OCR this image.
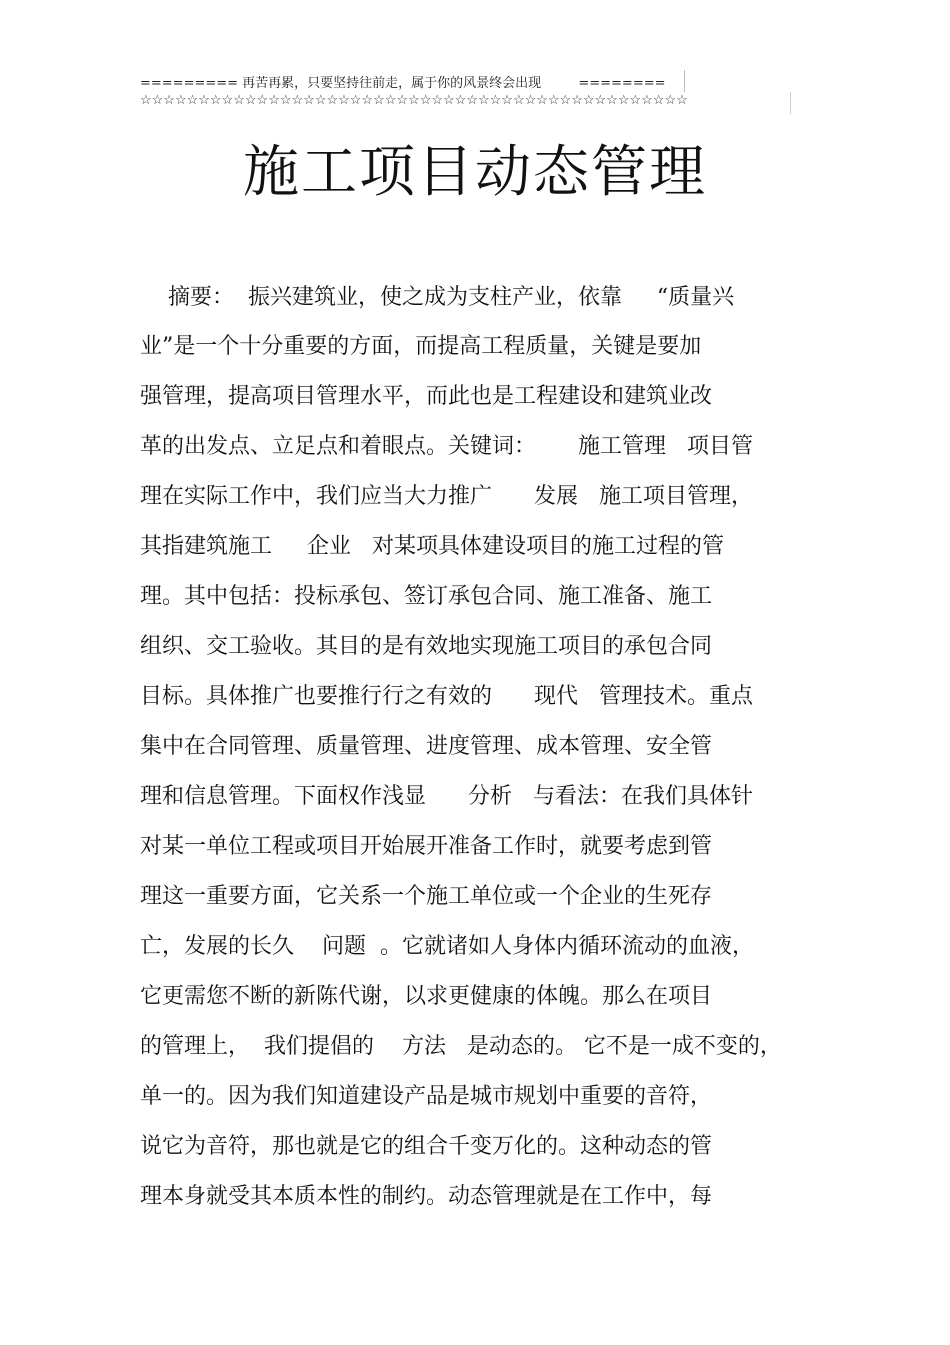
========= 再苦再累，只要坚持往前走，属于你的风景终会出现         ========
☆☆☆☆☆☆☆☆☆☆☆☆☆☆☆☆☆☆☆☆☆☆☆☆☆☆☆☆☆☆☆☆☆☆☆☆☆☆☆☆☆☆☆☆☆☆☆
施工项目动态管理
摘要：  振兴建筑业，使之成为支柱产业，依靠     “质量兴
业”是一个十分重要的方面，而提高工程质量，关键是要加
强管理，提高项目管理水平，而此也是工程建设和建筑业改
革的出发点、立足点和着眼点。关键词：      施工管理   项目管
理在实际工作中，我们应当大力推广      发展   施工项目管理，
其指建筑施工     企业   对某项具体建设项目的施工过程的管
理。其中包括：投标承包、签订承包合同、施工准备、施工
组织、交工验收。其目的是有效地实现施工项目的承包合同
目标。具体推广也要推行行之有效的      现代   管理技术。重点
集中在合同管理、质量管理、进度管理、成本管理、安全管
理和信息管理。下面权作浅显      分析   与看法：在我们具体针
对某一单位工程或项目开始展开准备工作时，就要考虑到管
理这一重要方面，它关系一个施工单位或一个企业的生死存
亡，发展的长久    问题  。它就诸如人身体内循环流动的血液，
它更需您不断的新陈代谢，以求更健康的体魄。那么在项目
的管理上，  我们提倡的    方法   是动态的。 它不是一成不变的，
单一的。因为我们知道建设产品是城市规划中重要的音符，
说它为音符，那也就是它的组合千变万化的。这种动态的管
理本身就受其本质本性的制约。动态管理就是在工作中，每
